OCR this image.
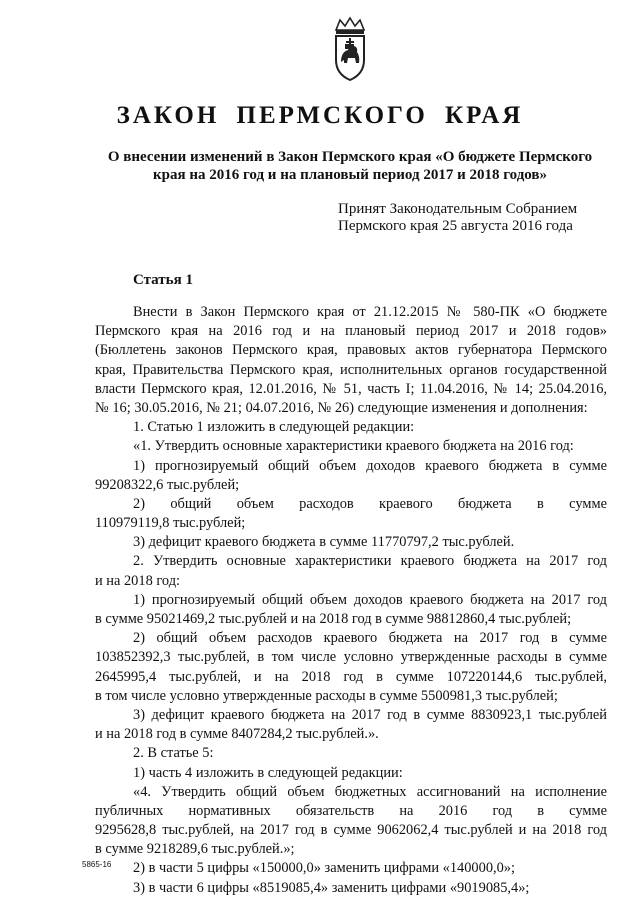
ЗАКОН ПЕРМСКОГО КРАЯ
О внесении изменений в Закон Пермского края «О бюджете Пермского
края на 2016 год и на плановый период 2017 и 2018 годов»
Принят Законодательным Собранием
Пермского края 25 августа 2016 года
Статья 1
Внести в Закон Пермского края от 21.12.2015 № 580-ПК «О бюджете
Пермского края на 2016 год и на плановый период 2017 и 2018 годов»
(Бюллетень законов Пермского края, правовых актов губернатора Пермского
края, Правительства Пермского края, исполнительных органов государственной
власти Пермского края, 12.01.2016, № 51, часть I; 11.04.2016, № 14; 25.04.2016,
№ 16; 30.05.2016, № 21; 04.07.2016, № 26) следующие изменения и дополнения:
1. Статью 1 изложить в следующей редакции:
«1. Утвердить основные характеристики краевого бюджета на 2016 год:
1) прогнозируемый общий объем доходов краевого бюджета в сумме
99208322,6 тыс.рублей;
2) общий объем расходов краевого бюджета в сумме
110979119,8 тыс.рублей;
3) дефицит краевого бюджета в сумме 11770797,2 тыс.рублей.
2. Утвердить основные характеристики краевого бюджета на 2017 год
и на 2018 год:
1) прогнозируемый общий объем доходов краевого бюджета на 2017 год
в сумме 95021469,2 тыс.рублей и на 2018 год в сумме 98812860,4 тыс.рублей;
2) общий объем расходов краевого бюджета на 2017 год в сумме
103852392,3 тыс.рублей, в том числе условно утвержденные расходы в сумме
2645995,4 тыс.рублей, и на 2018 год в сумме 107220144,6 тыс.рублей,
в том числе условно утвержденные расходы в сумме 5500981,3 тыс.рублей;
3) дефицит краевого бюджета на 2017 год в сумме 8830923,1 тыс.рублей
и на 2018 год в сумме 8407284,2 тыс.рублей.».
2. В статье 5:
1) часть 4 изложить в следующей редакции:
«4. Утвердить общий объем бюджетных ассигнований на исполнение
публичных нормативных обязательств на 2016 год в сумме
9295628,8 тыс.рублей, на 2017 год в сумме 9062062,4 тыс.рублей и на 2018 год
в сумме 9218289,6 тыс.рублей.»;
2) в части 5 цифры «150000,0» заменить цифрами «140000,0»;
3) в части 6 цифры «8519085,4» заменить цифрами «9019085,4»;
5865-16
